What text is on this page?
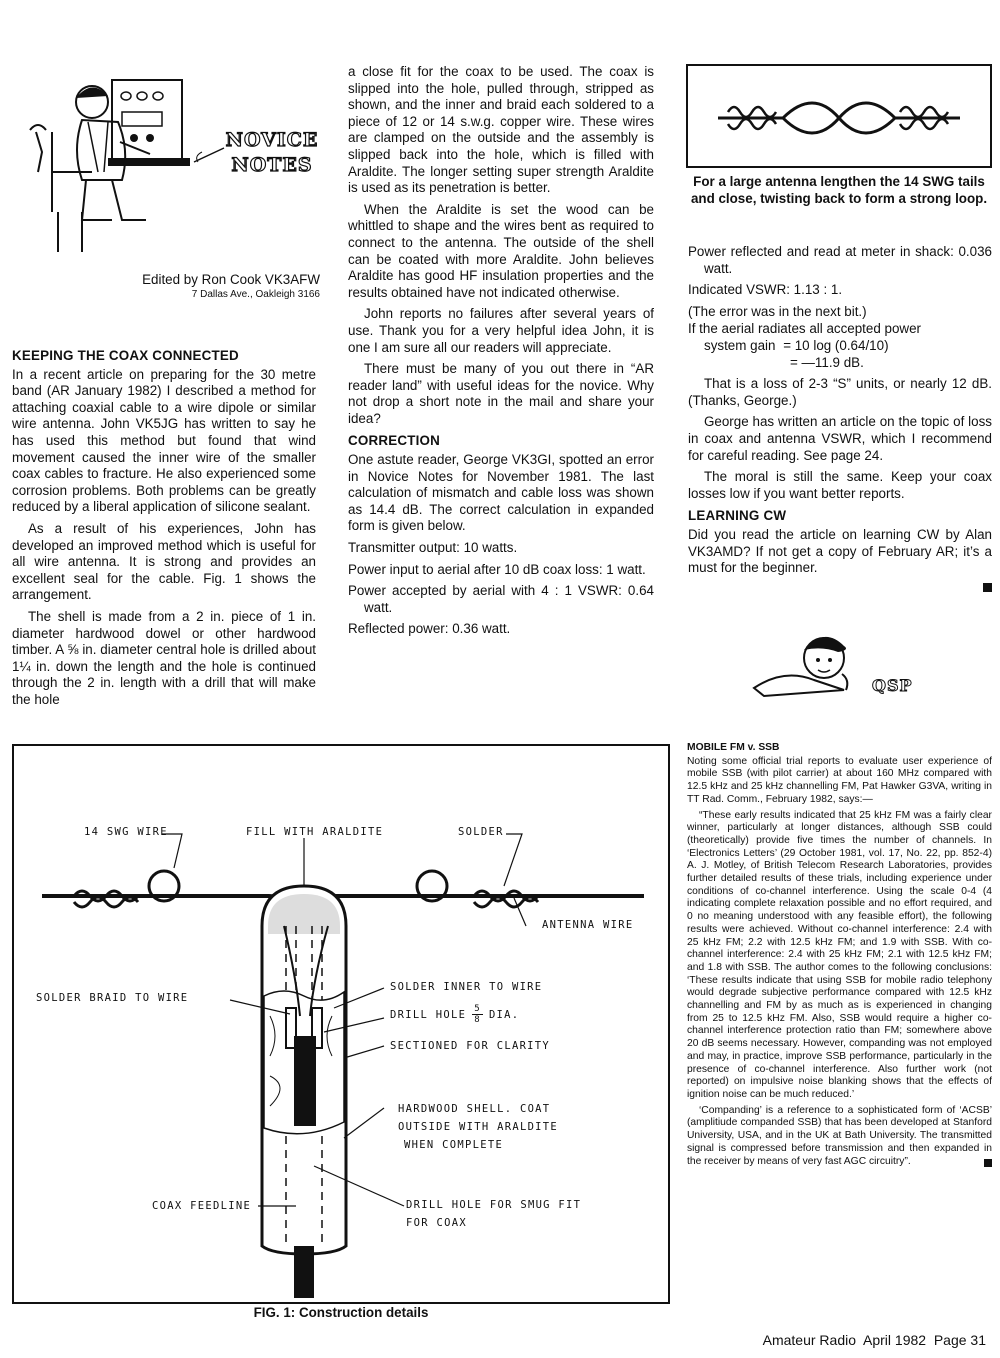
NOVICE
NOTES
Edited by Ron Cook VK3AFW
7 Dallas Ave., Oakleigh 3166
KEEPING THE COAX CONNECTED

In a recent article on preparing for the 30 metre band (AR January 1982) I described a method for attaching coaxial cable to a wire dipole or similar wire antenna. John VK5JG has written to say he has used this method but found that wind movement caused the inner wire of the smaller coax cables to fracture. He also experienced some corrosion problems. Both problems can be greatly reduced by a liberal application of silicone sealant.

As a result of his experiences, John has developed an improved method which is useful for all wire antenna. It is strong and provides an excellent seal for the cable. Fig. 1 shows the arrangement.

The shell is made from a 2 in. piece of 1 in. diameter hardwood dowel or other hardwood timber. A ⅝ in. diameter central hole is drilled about 1¼ in. down the length and the hole is continued through the 2 in. length with a drill that will make the hole

a close fit for the coax to be used. The coax is slipped into the hole, pulled through, stripped as shown, and the inner and braid each soldered to a piece of 12 or 14 s.w.g. copper wire. These wires are clamped on the outside and the assembly is slipped back into the hole, which is filled with Araldite. The longer setting super strength Araldite is used as its penetration is better.

When the Araldite is set the wood can be whittled to shape and the wires bent as required to connect to the antenna. The outside of the shell can be coated with more Araldite. John believes Araldite has good HF insulation properties and the results obtained have not indicated otherwise.

John reports no failures after several years of use. Thank you for a very helpful idea John, it is one I am sure all our readers will appreciate.

There must be many of you out there in “AR reader land” with useful ideas for the novice. Why not drop a short note in the mail and share your idea?

CORRECTION

One astute reader, George VK3GI, spotted an error in Novice Notes for November 1981. The last calculation of mismatch and cable loss was shown as 14.4 dB. The correct calculation in expanded form is given below.

Transmitter output: 10 watts.

Power input to aerial after 10 dB coax loss: 1 watt.

Power accepted by aerial with 4 : 1 VSWR: 0.64 watt.

Reflected power: 0.36 watt.

For a large antenna lengthen the 14 SWG tails and close, twisting back to form a strong loop.

Power reflected and read at meter in shack: 0.036 watt.

Indicated VSWR: 1.13 : 1.

(The error was in the next bit.)

If the aerial radiates all accepted power

system gain = 10 log (0.64/10)
= —11.9 dB.

That is a loss of 2-3 “S” units, or nearly 12 dB. (Thanks, George.)

George has written an article on the topic of loss in coax and antenna VSWR, which I recommend for careful reading. See page 24.

The moral is still the same. Keep your coax losses low if you want better reports.

LEARNING CW

Did you read the article on learning CW by Alan VK3AMD? If not get a copy of February AR; it’s a must for the beginner.

QSP
MOBILE FM v. SSB

Noting some official trial reports to evaluate user experience of mobile SSB (with pilot carrier) at about 160 MHz compared with 12.5 kHz and 25 kHz channelling FM, Pat Hawker G3VA, writing in TT Rad. Comm., February 1982, says:—

“These early results indicated that 25 kHz FM was a fairly clear winner, particularly at longer distances, although SSB could (theoretically) provide five times the number of channels. In ‘Electronics Letters’ (29 October 1981, vol. 17, No. 22, pp. 852-4) A. J. Motley, of British Telecom Research Laboratories, provides further detailed results of these trials, including experience under conditions of co-channel interference. Using the scale 0-4 (4 indicating complete relaxation possible and no effort required, and 0 no meaning understood with any feasible effort), the following results were achieved. Without co-channel interference: 2.4 with 25 kHz FM; 2.2 with 12.5 kHz FM; and 1.9 with SSB. With co-channel interference: 2.4 with 25 kHz FM; 2.1 with 12.5 kHz FM; and 1.8 with SSB. The author comes to the following conclusions: ‘These results indicate that using SSB for mobile radio telephony would degrade subjective performance compared with 12.5 kHz channelling and FM by as much as is experienced in changing from 25 to 12.5 kHz FM. Also, SSB would require a higher co-channel interference protection ratio than FM; somewhere above 20 dB seems necessary. However, companding was not employed and may, in practice, improve SSB performance, particularly in the presence of co-channel interference. Also further work (not reported) on impulsive noise blanking shows that the effects of ignition noise can be much reduced.’

‘Companding’ is a reference to a sophisticated form of ‘ACSB’ (amplitiude companded SSB) that has been developed at Stanford University, USA, and in the UK at Bath University. The transmitted signal is compressed before transmission and then expanded in the receiver by means of very fast AGC circuitry”.

14 SWG WIRE	FILL WITH ARALDITE	SOLDER
ANTENNA WIRE
SOLDER INNER TO WIRE
SOLDER BRAID TO WIRE
DRILL HOLE $\frac{5}{8}$ DIA.
SECTIONED FOR CLARITY
HARDWOOD SHELL. COAT
OUTSIDE WITH ARALDITE
WHEN COMPLETE
COAX FEEDLINE	DRILL HOLE FOR SMUG FIT
FOR COAX
FIG. 1: Construction details
Amateur Radio  April 1982  Page 31
